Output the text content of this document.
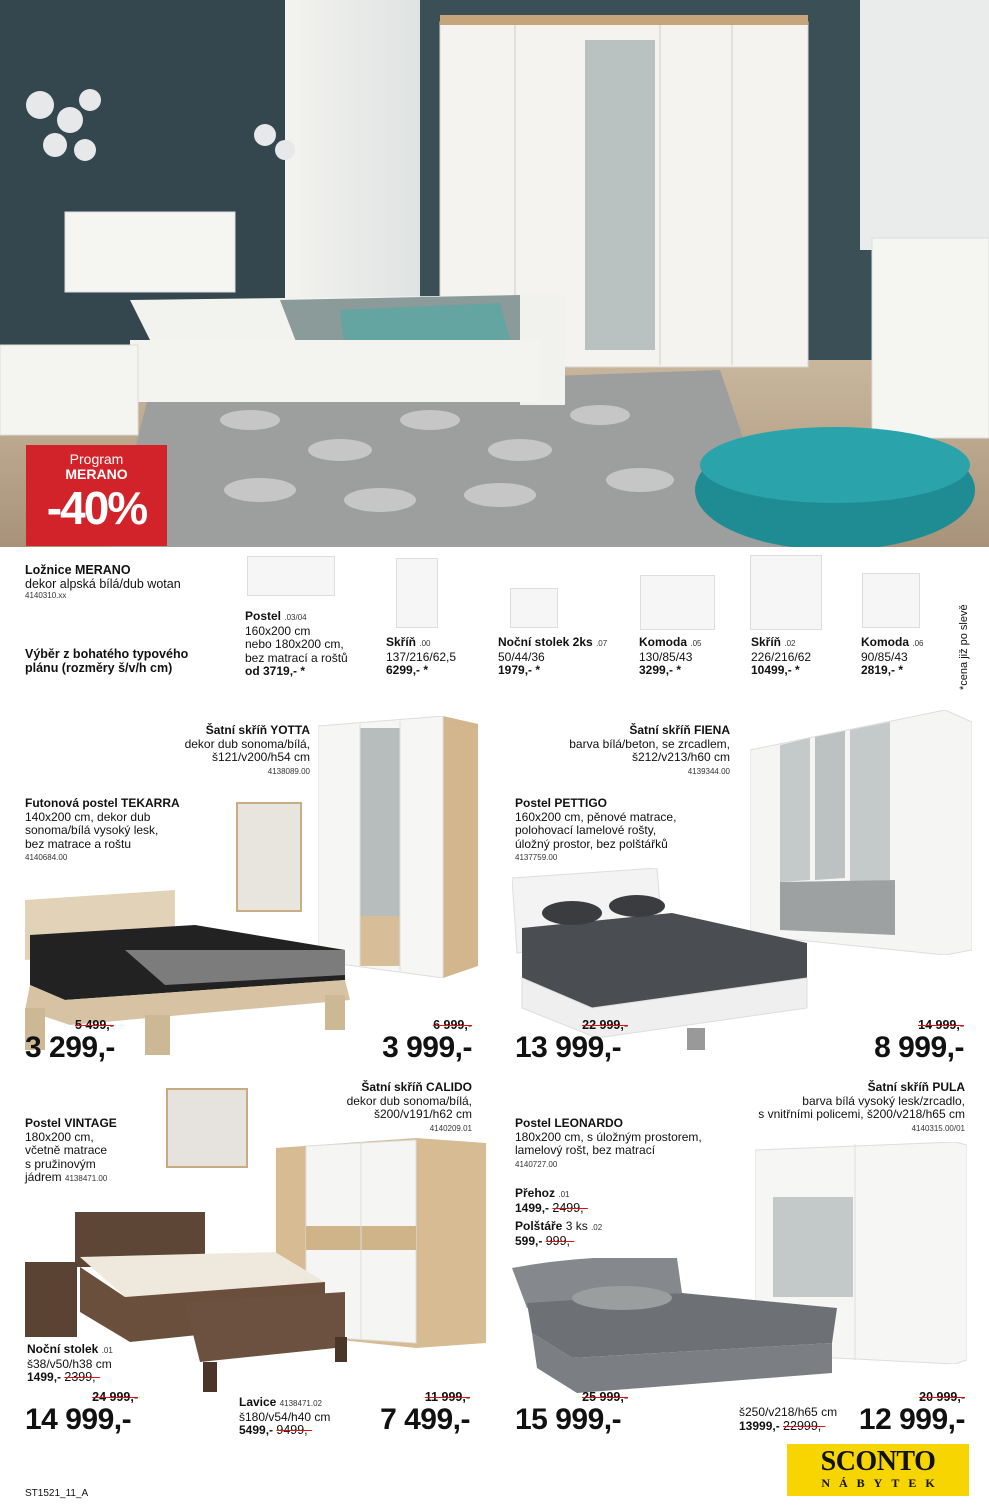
Program
MERANO
-40%
Ložnice MERANO
dekor alpská bílá/dub wotan
4140310.xx
Výběr z bohatého typového
plánu (rozměry š/v/h cm)
Postel .03/04
160x200 cm
nebo 180x200 cm,
bez matrací a roštů
od 3719,- *
Skříň .00
137/216/62,5
6299,- *
Noční stolek 2ks .07
50/44/36
1979,- *
Komoda .05
130/85/43
3299,- *
Skříň .02
226/216/62
10499,- *
Komoda .06
90/85/43
2819,- *	*cena již po slevě
Šatní skříň YOTTA
dekor dub sonoma/bílá,
š121/v200/h54 cm
4138089.00
Futonová postel TEKARRA
140x200 cm, dekor dub
sonoma/bílá vysoký lesk,
bez matrace a roštu
4140684.00
5 499,-
3 299,-
6 999,-
3 999,-
Šatní skříň FIENA
barva bílá/beton, se zrcadlem,
š212/v213/h60 cm
4139344.00
Postel PETTIGO
160x200 cm, pěnové matrace,
polohovací lamelové rošty,
úložný prostor, bez polštářků
4137759.00
22 999,-
13 999,-
14 999,-
8 999,-
Šatní skříň CALIDO
dekor dub sonoma/bílá,
š200/v191/h62 cm
4140209.01
Postel VINTAGE
180x200 cm,
včetně matrace
s pružinovým
jádrem 4138471.00
Noční stolek .01
š38/v50/h38 cm
1499,- 2399,-
Lavice 4138471.02
š180/v54/h40 cm
5499,- 9499,-
24 999,-
14 999,-
11 999,-
7 499,-
Šatní skříň PULA
barva bílá vysoký lesk/zrcadlo,
s vnitřními policemi, š200/v218/h65 cm
4140315.00/01
Postel LEONARDO
180x200 cm, s úložným prostorem,
lamelový rošt, bez matrací
4140727.00
Přehoz .01
1499,- 2499,-
Polštáře 3 ks .02
599,- 999,-
25 999,-
15 999,-	š250/v218/h65 cm
13999,- 22999,-
20 999,-
12 999,-
SCONTO
NÁBYTEK
ST1521_11_A
